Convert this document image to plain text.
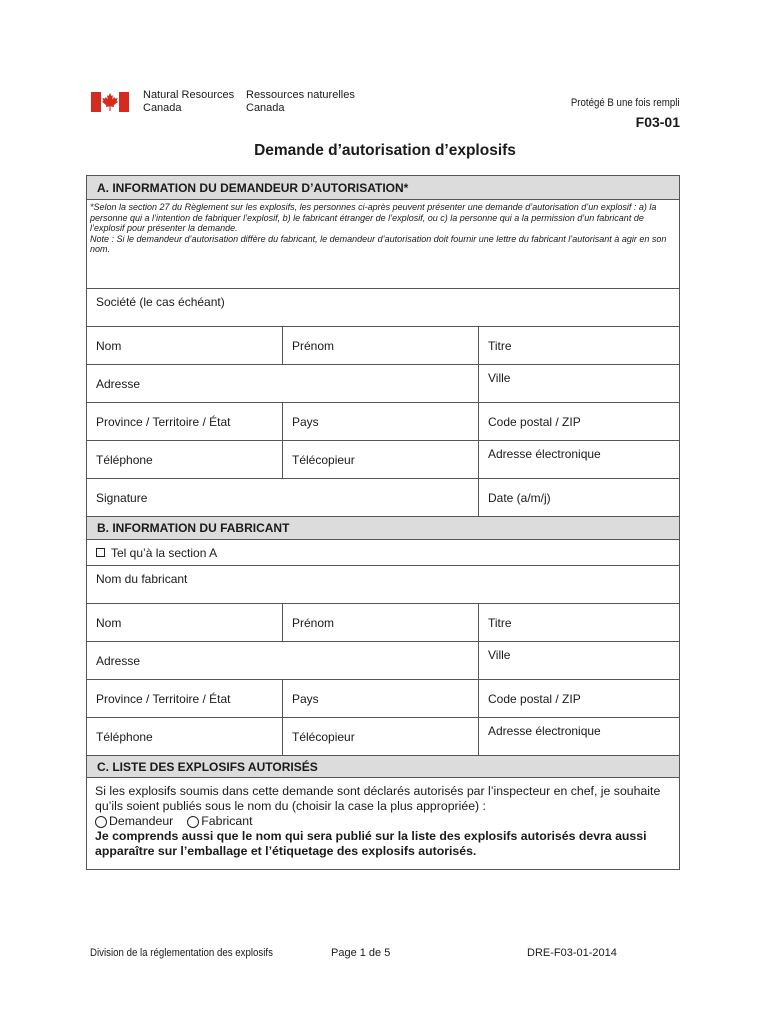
Natural Resources
Canada
Ressources naturelles
Canada	Protégé B une fois rempli
F03-01
Demande d’autorisation d’explosifs
A. INFORMATION DU DEMANDEUR D’AUTORISATION*
*Selon la section 27 du Règlement sur les explosifs, les personnes ci-après peuvent présenter une demande d’autorisation d’un explosif : a) la personne qui a l’intention de fabriquer l’explosif, b) le fabricant étranger de l’explosif, ou c) la personne qui a la permission d’un fabricant de l’explosif pour présenter la demande.
Note : Si le demandeur d’autorisation diffère du fabricant, le demandeur d’autorisation doit fournir une lettre du fabricant l’autorisant à agir en son nom.
Société (le cas échéant)
Nom	Prénom	Titre
Adresse	Ville
Province / Territoire / État	Pays	Code postal / ZIP
Téléphone	Télécopieur	Adresse électronique
Signature	Date (a/m/j)
B. INFORMATION DU FABRICANT
Tel qu’à la section A
Nom du fabricant
Nom	Prénom	Titre
Adresse	Ville
Province / Territoire / État	Pays	Code postal / ZIP
Téléphone	Télécopieur	Adresse électronique
C. LISTE DES EXPLOSIFS AUTORISÉS
Si les explosifs soumis dans cette demande sont déclarés autorisés par l’inspecteur en chef, je souhaite qu’ils soient publiés sous le nom du (choisir la case la plus appropriée) :
Demandeur Fabricant
Je comprends aussi que le nom qui sera publié sur la liste des explosifs autorisés devra aussi apparaître sur l’emballage et l’étiquetage des explosifs autorisés.
Division de la réglementation des explosifs	Page 1 de 5	DRE-F03-01-2014
